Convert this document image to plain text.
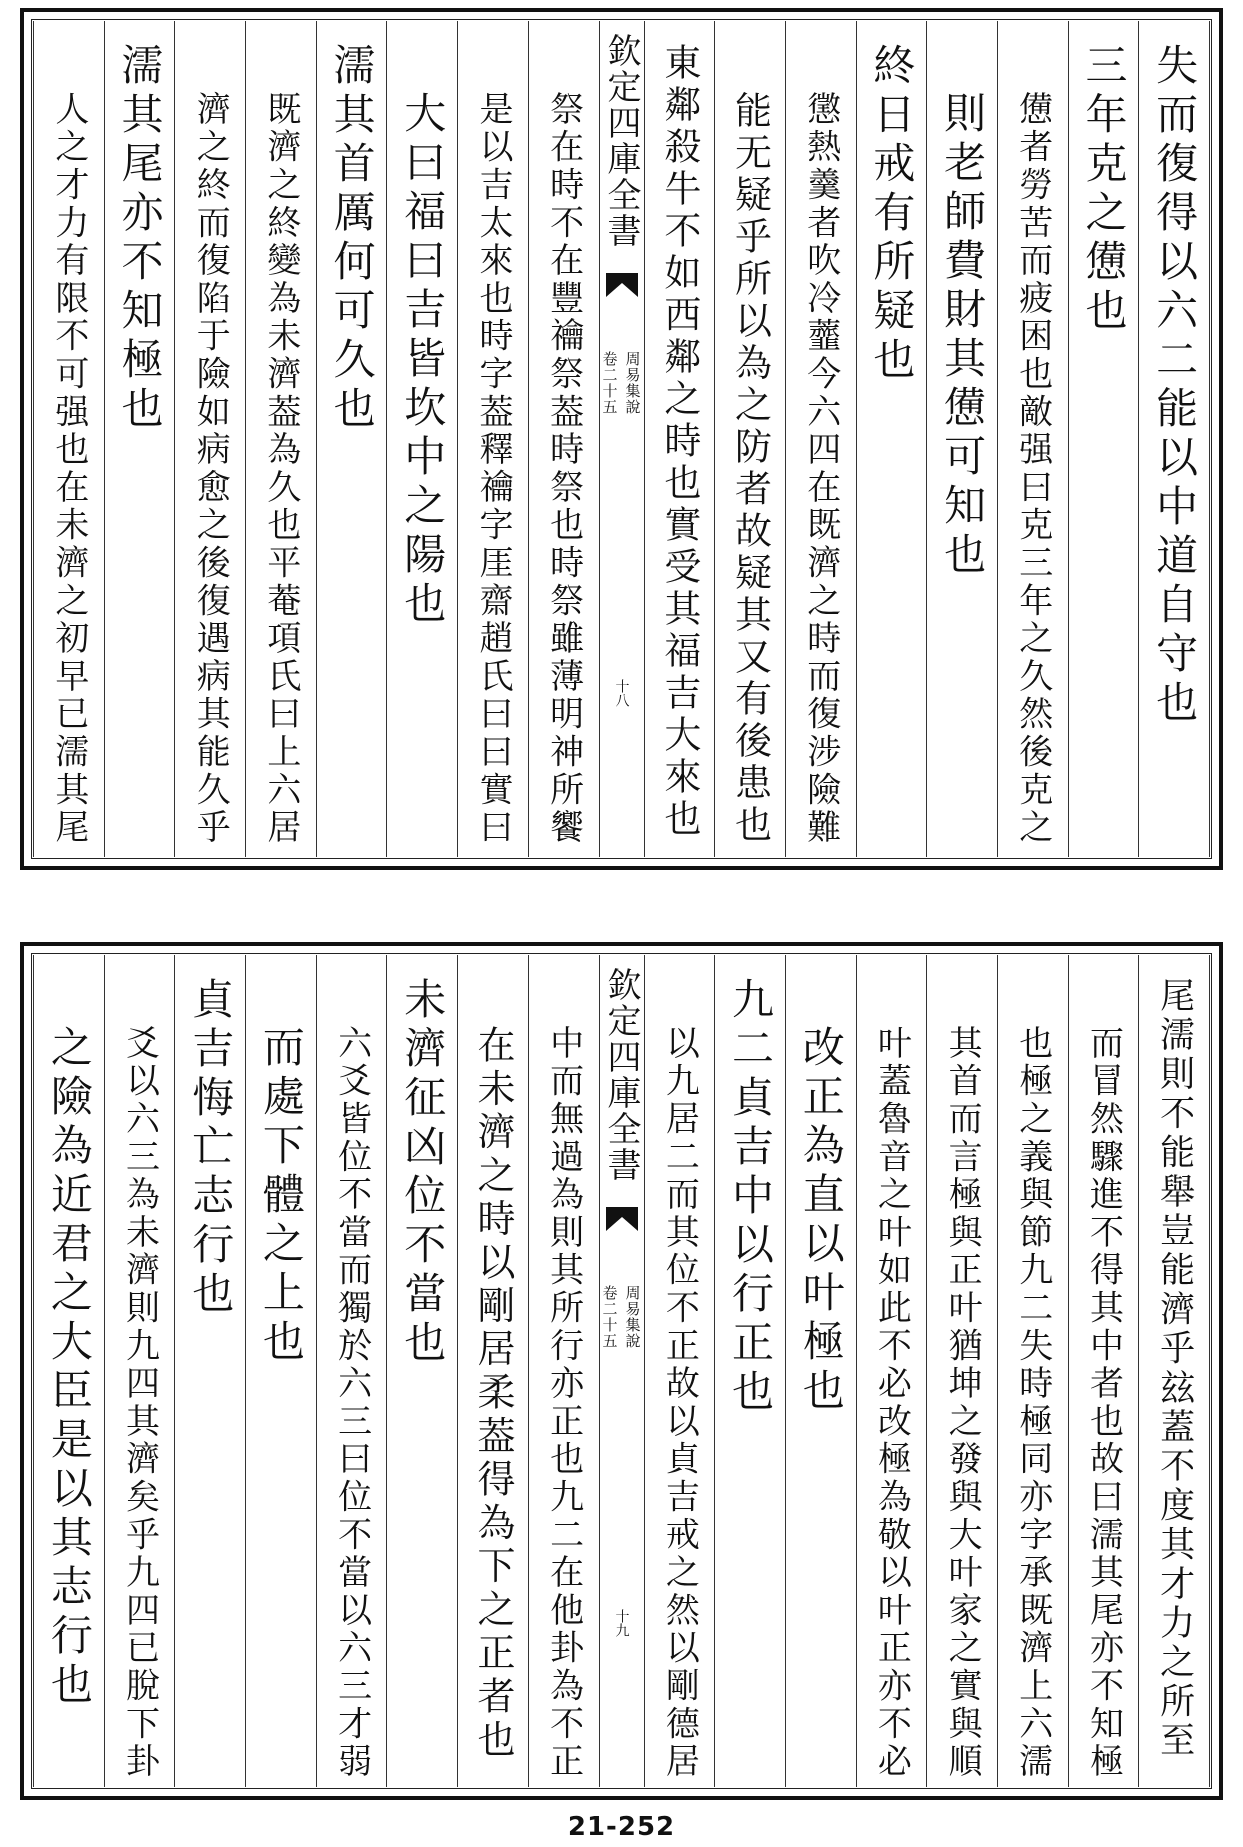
失而復得以六二能以中道自守也
三年克之憊也
憊者勞苦而疲困也敵强曰克三年之久然後克之
則老師費財其憊可知也
終日戒有所疑也
懲熱羹者吹冷虀今六四在既濟之時而復涉險難
能无疑乎所以為之防者故疑其又有後患也
東鄰殺牛不如西鄰之時也實受其福吉大來也
欽定四庫全書
周易集說
卷二十五
十八
祭在時不在豐禴祭葢時祭也時祭雖薄明神所饗
是以吉太來也時字葢釋禴字厓齋趙氏曰曰實曰
大曰福曰吉皆坎中之陽也
濡其首厲何可久也
既濟之終變為未濟葢為久也平菴項氏曰上六居
濟之終而復陷于險如病愈之後復遇病其能久乎
濡其尾亦不知極也
人之才力有限不可强也在未濟之初早已濡其尾
尾濡則不能舉豈能濟乎玆蓋不度其才力之所至
而冒然驟進不得其中者也故曰濡其尾亦不知極
也極之義與節九二失時極同亦字承既濟上六濡
其首而言極與正叶猶坤之發與大叶家之實與順
叶蓋魯音之叶如此不必改極為敬以叶正亦不必
改正為直以叶極也
九二貞吉中以行正也
以九居二而其位不正故以貞吉戒之然以剛德居
欽定四庫全書
周易集說
卷二十五
十九
中而無過為則其所行亦正也九二在他卦為不正
在未濟之時以剛居柔葢得為下之正者也
未濟征凶位不當也
六爻皆位不當而獨於六三曰位不當以六三才弱
而處下體之上也
貞吉悔亡志行也
爻以六三為未濟則九四其濟矣乎九四已脫下卦
之險為近君之大臣是以其志行也
21-252
